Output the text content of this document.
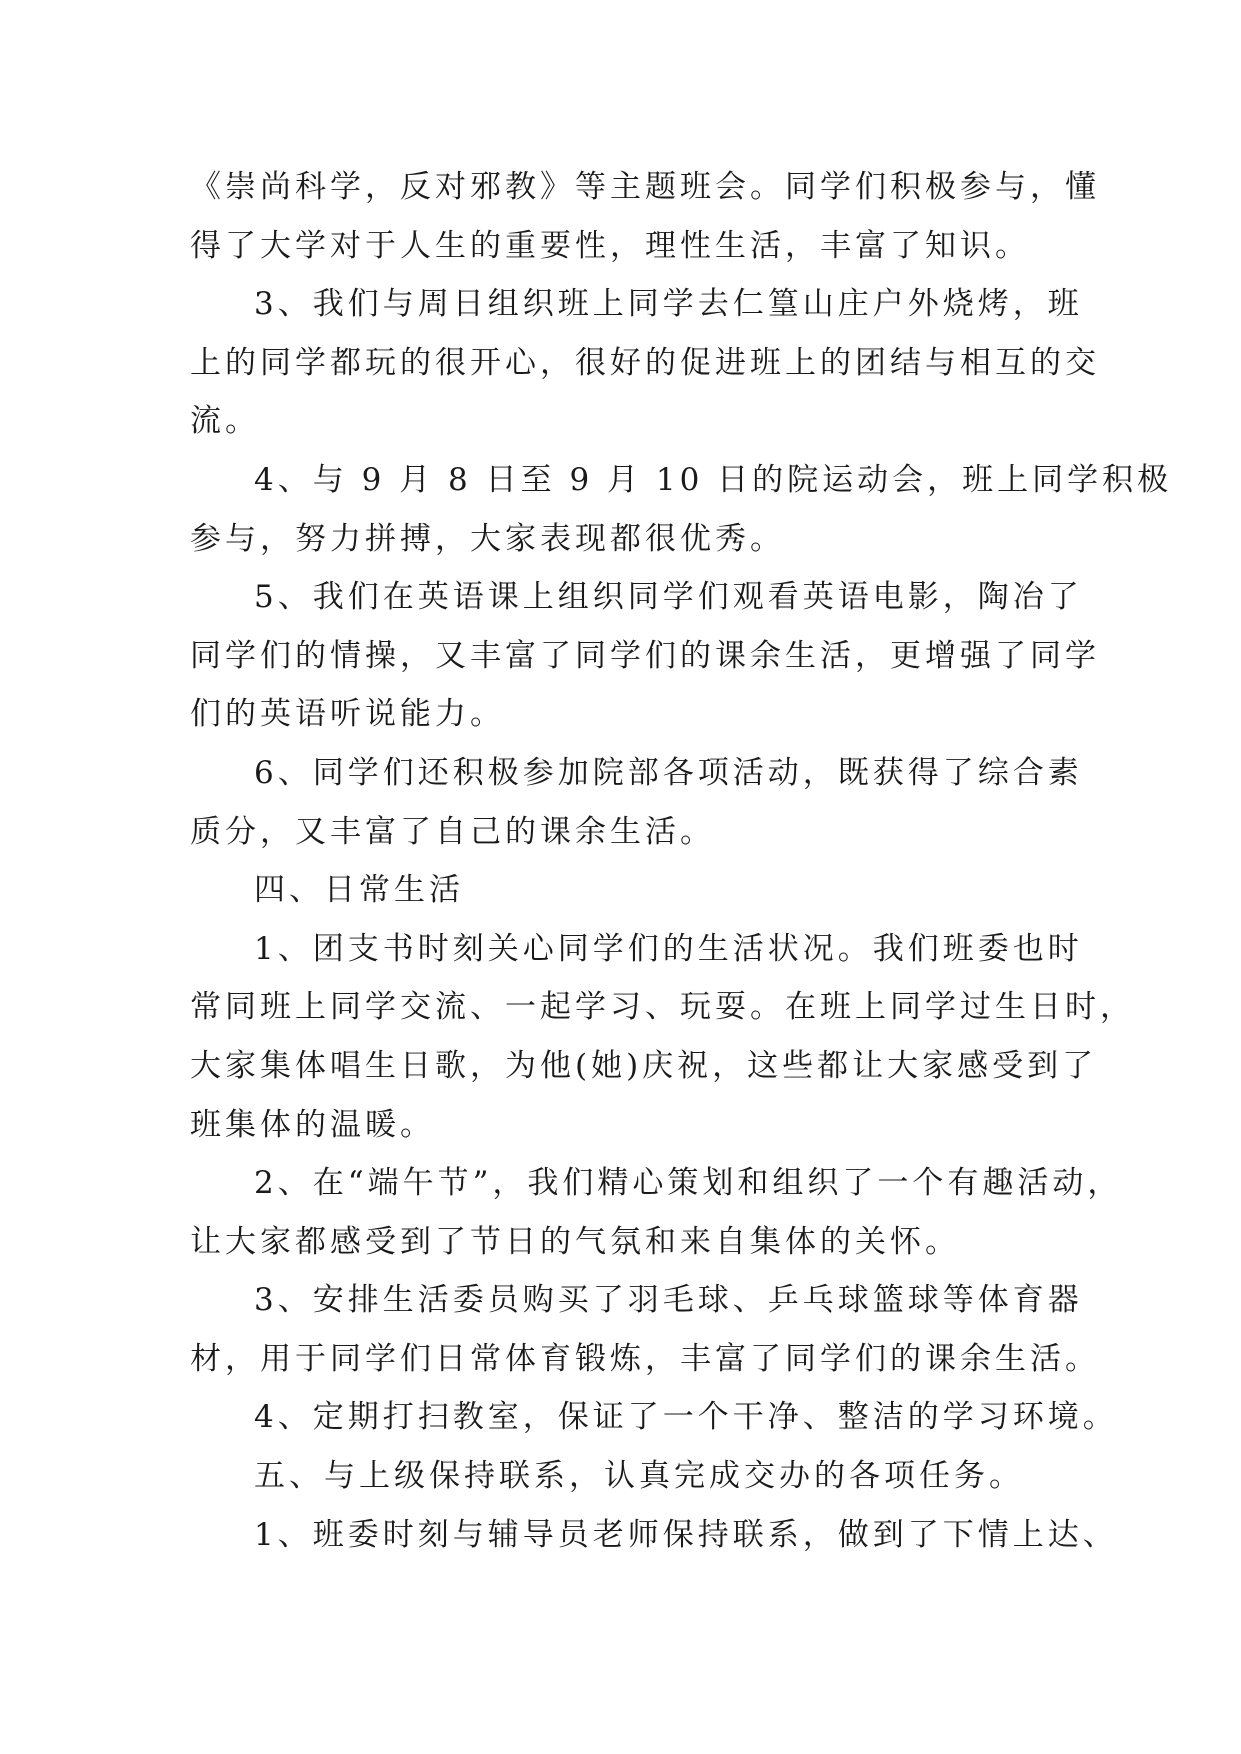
《崇尚科学，反对邪教》等主题班会。同学们积极参与，懂
得了大学对于人生的重要性，理性生活，丰富了知识。
3、我们与周日组织班上同学去仁篁山庄户外烧烤，班
上的同学都玩的很开心，很好的促进班上的团结与相互的交
流。
4、与 9 月 8 日至 9 月 10 日的院运动会，班上同学积极
参与，努力拼搏，大家表现都很优秀。
5、我们在英语课上组织同学们观看英语电影，陶冶了
同学们的情操，又丰富了同学们的课余生活，更增强了同学
们的英语听说能力。
6、同学们还积极参加院部各项活动，既获得了综合素
质分，又丰富了自己的课余生活。
四、日常生活
1、团支书时刻关心同学们的生活状况。我们班委也时
常同班上同学交流、一起学习、玩耍。在班上同学过生日时，
大家集体唱生日歌，为他(她)庆祝，这些都让大家感受到了
班集体的温暖。
2、在“端午节”，我们精心策划和组织了一个有趣活动，
让大家都感受到了节日的气氛和来自集体的关怀。
3、安排生活委员购买了羽毛球、乒乓球篮球等体育器
材，用于同学们日常体育锻炼，丰富了同学们的课余生活。
4、定期打扫教室，保证了一个干净、整洁的学习环境。
五、与上级保持联系，认真完成交办的各项任务。
1、班委时刻与辅导员老师保持联系，做到了下情上达、
